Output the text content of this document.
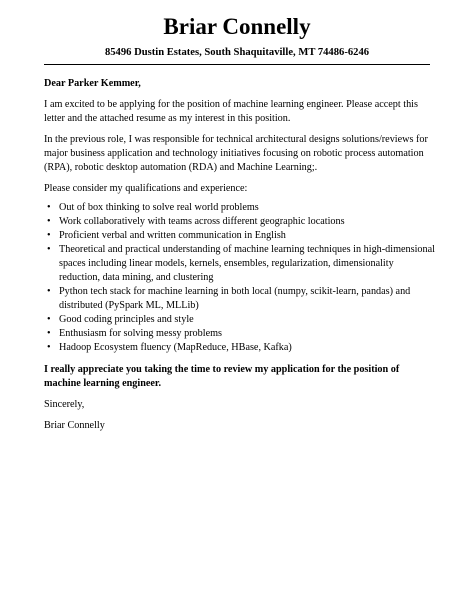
Briar Connelly
85496 Dustin Estates, South Shaquitaville, MT 74486-6246

Dear Parker Kemmer,

I am excited to be applying for the position of machine learning engineer. Please accept this letter and the attached resume as my interest in this position.

In the previous role, I was responsible for technical architectural designs solutions/reviews for major business application and technology initiatives focusing on robotic process automation (RPA), robotic desktop automation (RDA) and Machine Learning;.

Please consider my qualifications and experience:

• Out of box thinking to solve real world problems
• Work collaboratively with teams across different geographic locations
• Proficient verbal and written communication in English
• Theoretical and practical understanding of machine learning techniques in high-dimensional spaces including linear models, kernels, ensembles, regularization, dimensionality reduction, data mining, and clustering
• Python tech stack for machine learning in both local (numpy, scikit-learn, pandas) and distributed (PySpark ML, MLLib)
• Good coding principles and style
• Enthusiasm for solving messy problems
• Hadoop Ecosystem fluency (MapReduce, HBase, Kafka)

I really appreciate you taking the time to review my application for the position of machine learning engineer.

Sincerely,

Briar Connelly
